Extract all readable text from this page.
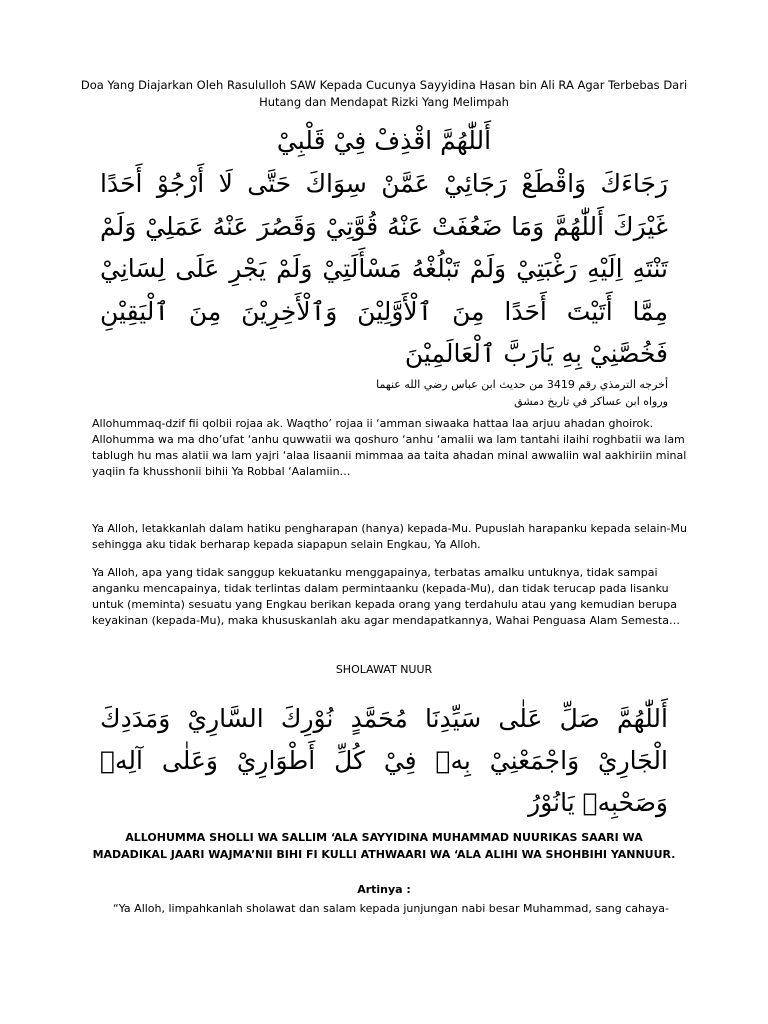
Doa Yang Diajarkan Oleh Rasululloh SAW Kepada Cucunya Sayyidina Hasan bin Ali RA Agar Terbebas Dari Hutang dan Mendapat Rizki Yang Melimpah
أَللّٰهُمَّ اقْذِفْ فِيْ قَلْبِيْ
رَجَاءَكَ وَاقْطَعْ رَجَائِيْ عَمَّنْ سِوَاكَ حَتَّى لَا أَرْجُوْ أَحَدًا غَيْرَكَ أَللّٰهُمَّ وَمَا ضَعُفَتْ عَنْهُ قُوَّتِيْ وَقَصُرَ عَنْهُ عَمَلِيْ وَلَمْ تَنْتَهِ اِلَيْهِ رَغْبَتِيْ وَلَمْ تَبْلُغْهُ مَسْأَلَتِيْ وَلَمْ يَجْرِ عَلَى لِسَانِيْ مِمَّا أَتَيْتَ أَحَدًا مِنَ ٱلْأَوَّلِيْنَ وَٱلْأَخِرِيْنَ مِنَ ٱلْيَقِيْنِ فَخُصَّنِيْ بِهِ يَارَبَّ ٱلْعَالَمِيْنَ
أخرجه الترمذي رقم 3419 من حديث ابن عباس رضي الله عنهما
ورواه ابن عساكر في تاريخ دمشق

Allohummaq-dzif fii qolbii rojaa ak. Waqtho’ rojaa ii ‘amman siwaaka hattaa laa arjuu ahadan ghoirok.

Allohumma wa ma dho’ufat ‘anhu quwwatii wa qoshuro ‘anhu ‘amalii wa lam tantahi ilaihi roghbatii wa lam tablugh hu mas alatii wa lam yajri ‘alaa lisaanii mimmaa aa taita ahadan minal awwaliin wal aakhiriin minal yaqiin fa khusshonii bihii Ya Robbal ‘Aalamiin…

Ya Alloh, letakkanlah dalam hatiku pengharapan (hanya) kepada-Mu. Pupuslah harapanku kepada selain-Mu sehingga aku tidak berharap kepada siapapun selain Engkau, Ya Alloh.
Ya Alloh, apa yang tidak sanggup kekuatanku menggapainya, terbatas amalku untuknya, tidak sampai anganku mencapainya, tidak terlintas dalam permintaanku (kepada-Mu), dan tidak terucap pada lisanku untuk (meminta) sesuatu yang Engkau berikan kepada orang yang terdahulu atau yang kemudian berupa keyakinan (kepada-Mu), maka khususkanlah aku agar mendapatkannya, Wahai Penguasa Alam Semesta…
SHOLAWAT NUUR
أَللّٰهُمَّ صَلِّ عَلٰى سَيِّدِنَا مُحَمَّدٍ نُوْرِكَ السَّارِيْ وَمَدَدِكَ الْجَارِيْ وَاجْمَعْنِيْ بِهٖ فِيْ كُلِّ أَطْوَارِيْ وَعَلٰى آلِهٖ وَصَحْبِهٖ يَانُوْرُ
ALLOHUMMA SHOLLI WA SALLIM ‘ALA SAYYIDINA MUHAMMAD NUURIKAS SAARI WA MADADIKAL JAARI WAJMA’NII BIHI FI KULLI ATHWAARI WA ‘ALA ALIHI WA SHOHBIHI YANNUUR.
Artinya :
“Ya Alloh, limpahkanlah sholawat dan salam kepada junjungan nabi besar Muhammad, sang cahaya-
